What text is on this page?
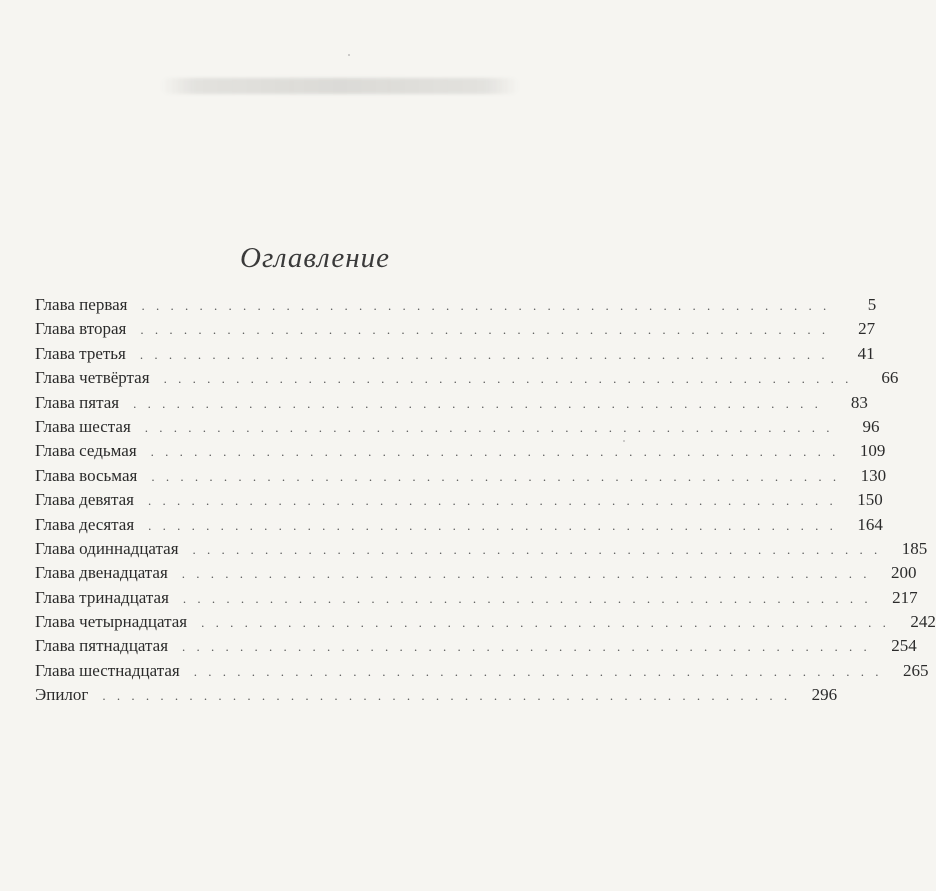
Оглавление
Глава первая	. . . . . . . . . . . . . . . . . . . . . . . . . . . . . . . . . . . . . . . . . . . . . . . .	5
Глава вторая	. . . . . . . . . . . . . . . . . . . . . . . . . . . . . . . . . . . . . . . . . . . . . . . .	27
Глава третья	. . . . . . . . . . . . . . . . . . . . . . . . . . . . . . . . . . . . . . . . . . . . . . . .	41
Глава четвёртая	. . . . . . . . . . . . . . . . . . . . . . . . . . . . . . . . . . . . . . . . . . . . . . . .	66
Глава пятая	. . . . . . . . . . . . . . . . . . . . . . . . . . . . . . . . . . . . . . . . . . . . . . . .	83
Глава шестая	. . . . . . . . . . . . . . . . . . . . . . . . . . . . . . . . . . . . . . . . . . . . . . . .	96
Глава седьмая	. . . . . . . . . . . . . . . . . . . . . . . . . . . . . . . . . . . . . . . . . . . . . . . .	109
Глава восьмая	. . . . . . . . . . . . . . . . . . . . . . . . . . . . . . . . . . . . . . . . . . . . . . . .	130
Глава девятая	. . . . . . . . . . . . . . . . . . . . . . . . . . . . . . . . . . . . . . . . . . . . . . . .	150
Глава десятая	. . . . . . . . . . . . . . . . . . . . . . . . . . . . . . . . . . . . . . . . . . . . . . . .	164
Глава одиннадцатая	. . . . . . . . . . . . . . . . . . . . . . . . . . . . . . . . . . . . . . . . . . . . . . . .	185
Глава двенадцатая	. . . . . . . . . . . . . . . . . . . . . . . . . . . . . . . . . . . . . . . . . . . . . . . .	200
Глава тринадцатая	. . . . . . . . . . . . . . . . . . . . . . . . . . . . . . . . . . . . . . . . . . . . . . . .	217
Глава четырнадцатая	. . . . . . . . . . . . . . . . . . . . . . . . . . . . . . . . . . . . . . . . . . . . . . . .	242
Глава пятнадцатая	. . . . . . . . . . . . . . . . . . . . . . . . . . . . . . . . . . . . . . . . . . . . . . . .	254
Глава шестнадцатая	. . . . . . . . . . . . . . . . . . . . . . . . . . . . . . . . . . . . . . . . . . . . . . . .	265
Эпилог	. . . . . . . . . . . . . . . . . . . . . . . . . . . . . . . . . . . . . . . . . . . . . . . .	296
